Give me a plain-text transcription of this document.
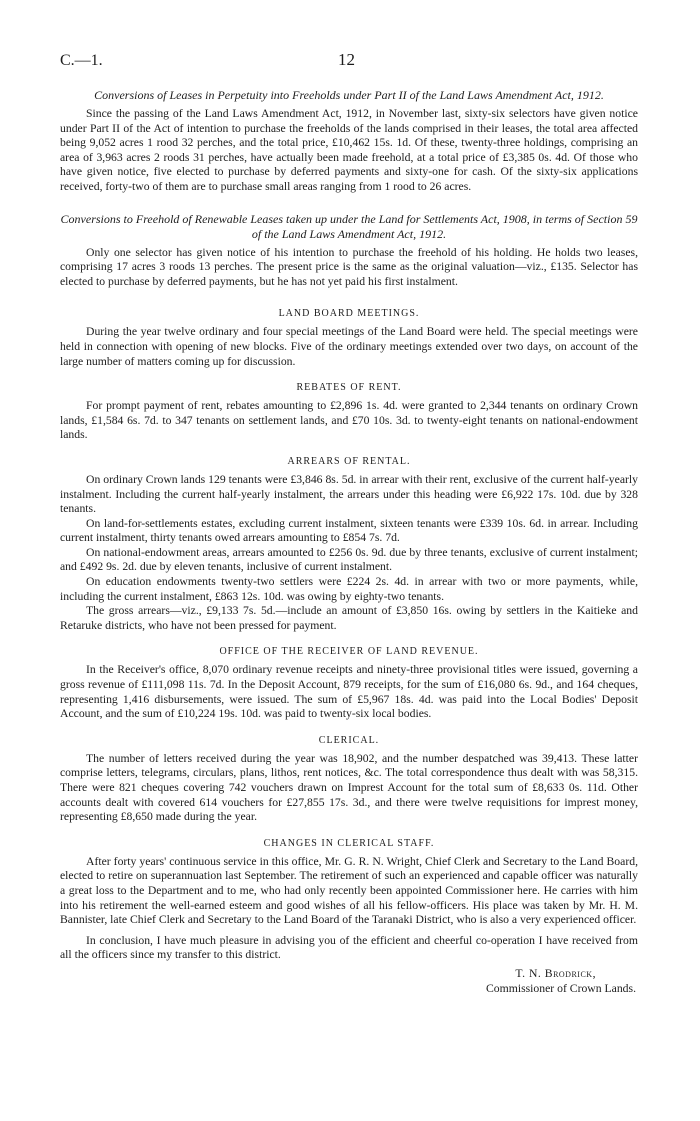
C.—1.	12
Conversions of Leases in Perpetuity into Freeholds under Part II of the Land Laws Amendment Act, 1912.

Since the passing of the Land Laws Amendment Act, 1912, in November last, sixty-six selectors have given notice under Part II of the Act of intention to purchase the freeholds of the lands comprised in their leases, the total area affected being 9,052 acres 1 rood 32 perches, and the total price, £10,462 15s. 1d. Of these, twenty-three holdings, comprising an area of 3,963 acres 2 roods 31 perches, have actually been made freehold, at a total price of £3,385 0s. 4d. Of those who have given notice, five elected to purchase by deferred payments and sixty-one for cash. Of the sixty-six applications received, forty-two of them are to purchase small areas ranging from 1 rood to 26 acres.

Conversions to Freehold of Renewable Leases taken up under the Land for Settlements Act, 1908, in terms of Section 59 of the Land Laws Amendment Act, 1912.

Only one selector has given notice of his intention to purchase the freehold of his holding. He holds two leases, comprising 17 acres 3 roods 13 perches. The present price is the same as the original valuation—viz., £135. Selector has elected to purchase by deferred payments, but he has not yet paid his first instalment.

LAND BOARD MEETINGS.

During the year twelve ordinary and four special meetings of the Land Board were held. The special meetings were held in connection with opening of new blocks. Five of the ordinary meetings extended over two days, on account of the large number of matters coming up for discussion.

REBATES OF RENT.

For prompt payment of rent, rebates amounting to £2,896 1s. 4d. were granted to 2,344 tenants on ordinary Crown lands, £1,584 6s. 7d. to 347 tenants on settlement lands, and £70 10s. 3d. to twenty-eight tenants on national-endowment lands.

ARREARS OF RENTAL.

On ordinary Crown lands 129 tenants were £3,846 8s. 5d. in arrear with their rent, exclusive of the current half-yearly instalment. Including the current half-yearly instalment, the arrears under this heading were £6,922 17s. 10d. due by 328 tenants.

On land-for-settlements estates, excluding current instalment, sixteen tenants were £339 10s. 6d. in arrear. Including current instalment, thirty tenants owed arrears amounting to £854 7s. 7d.

On national-endowment areas, arrears amounted to £256 0s. 9d. due by three tenants, exclusive of current instalment; and £492 9s. 2d. due by eleven tenants, inclusive of current instalment.

On education endowments twenty-two settlers were £224 2s. 4d. in arrear with two or more payments, while, including the current instalment, £863 12s. 10d. was owing by eighty-two tenants.

The gross arrears—viz., £9,133 7s. 5d.—include an amount of £3,850 16s. owing by settlers in the Kaitieke and Retaruke districts, who have not been pressed for payment.

OFFICE OF THE RECEIVER OF LAND REVENUE.

In the Receiver's office, 8,070 ordinary revenue receipts and ninety-three provisional titles were issued, governing a gross revenue of £111,098 11s. 7d. In the Deposit Account, 879 receipts, for the sum of £16,080 6s. 9d., and 164 cheques, representing 1,416 disbursements, were issued. The sum of £5,967 18s. 4d. was paid into the Local Bodies' Deposit Account, and the sum of £10,224 19s. 10d. was paid to twenty-six local bodies.

CLERICAL.

The number of letters received during the year was 18,902, and the number despatched was 39,413. These latter comprise letters, telegrams, circulars, plans, lithos, rent notices, &c. The total correspondence thus dealt with was 58,315. There were 821 cheques covering 742 vouchers drawn on Imprest Account for the total sum of £8,633 0s. 11d. Other accounts dealt with covered 614 vouchers for £27,855 17s. 3d., and there were twelve requisitions for imprest money, representing £8,650 made during the year.

CHANGES IN CLERICAL STAFF.

After forty years' continuous service in this office, Mr. G. R. N. Wright, Chief Clerk and Secretary to the Land Board, elected to retire on superannuation last September. The retirement of such an experienced and capable officer was naturally a great loss to the Department and to me, who had only recently been appointed Commissioner here. He carries with him into his retirement the well-earned esteem and good wishes of all his fellow-officers. His place was taken by Mr. H. M. Bannister, late Chief Clerk and Secretary to the Land Board of the Taranaki District, who is also a very experienced officer.

In conclusion, I have much pleasure in advising you of the efficient and cheerful co-operation I have received from all the officers since my transfer to this district.

T. N. Brodrick,
Commissioner of Crown Lands.
